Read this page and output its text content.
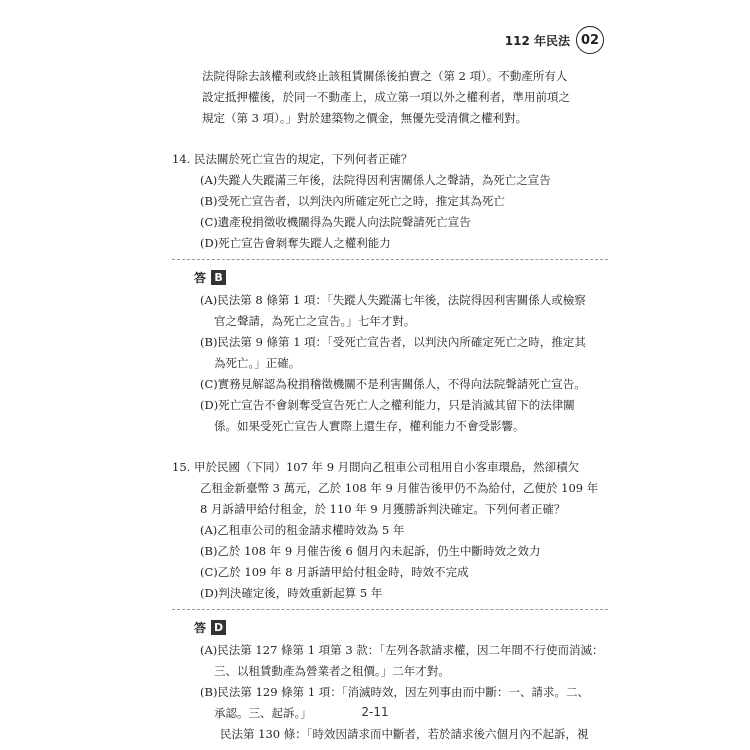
112 年民法 02
法院得除去該權利或終止該租賃關係後拍賣之（第 2 項）。不動產所有人
設定抵押權後，於同一不動產上，成立第一項以外之權利者，準用前項之
規定（第 3 項）。」對於建築物之價金，無優先受清償之權利對。
14. 民法關於死亡宣告的規定，下列何者正確？
(A)失蹤人失蹤滿三年後，法院得因利害關係人之聲請，為死亡之宣告
(B)受死亡宣告者，以判決內所確定死亡之時，推定其為死亡
(C)遺產稅捐徵收機關得為失蹤人向法院聲請死亡宣告
(D)死亡宣告會剝奪失蹤人之權利能力
答 B
(A)民法第 8 條第 1 項：「失蹤人失蹤滿七年後，法院得因利害關係人或檢察
官之聲請，為死亡之宣告。」七年才對。
(B)民法第 9 條第 1 項：「受死亡宣告者，以判決內所確定死亡之時，推定其
為死亡。」正確。
(C)實務見解認為稅捐稽徵機關不是利害關係人，不得向法院聲請死亡宣告。
(D)死亡宣告不會剝奪受宣告死亡人之權利能力，只是消滅其留下的法律關
係。如果受死亡宣告人實際上還生存，權利能力不會受影響。
15. 甲於民國（下同）107 年 9 月間向乙租車公司租用自小客車環島，然卻積欠
乙租金新臺幣 3 萬元，乙於 108 年 9 月催告後甲仍不為給付，乙便於 109 年
8 月訴請甲給付租金，於 110 年 9 月獲勝訴判決確定。下列何者正確？
(A)乙租車公司的租金請求權時效為 5 年
(B)乙於 108 年 9 月催告後 6 個月內未起訴，仍生中斷時效之效力
(C)乙於 109 年 8 月訴請甲給付租金時，時效不完成
(D)判決確定後，時效重新起算 5 年
答 D
(A)民法第 127 條第 1 項第 3 款：「左列各款請求權，因二年間不行使而消滅：
三、以租賃動產為營業者之租價。」二年才對。
(B)民法第 129 條第 1 項：「消滅時效，因左列事由而中斷：一、請求。二、
承認。三、起訴。」
民法第 130 條：「時效因請求而中斷者，若於請求後六個月內不起訴，視
2-11
